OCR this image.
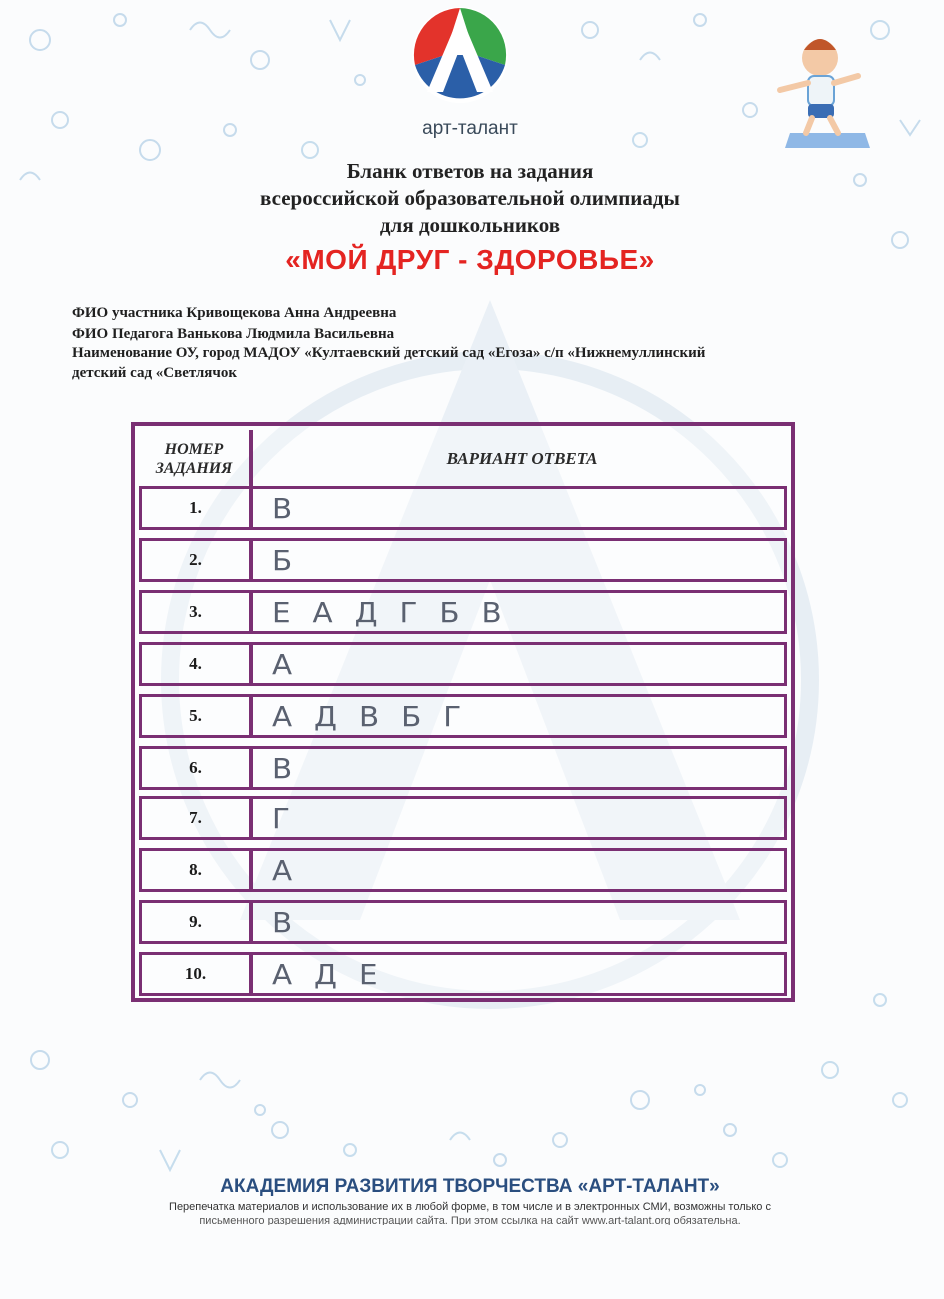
арт-талант
Бланк ответов на задания
всероссийской образовательной олимпиады
для дошкольников
«МОЙ ДРУГ - ЗДОРОВЬЕ»
ФИО участника Кривощекова Анна Андреевна
ФИО Педагога Ванькова Людмила Васильевна
Наименование ОУ, город МАДОУ «Култаевский детский сад «Егоза» с/п «Нижнемуллинский
детский сад «Светлячок
НОМЕР
ЗАДАНИЯ
ВАРИАНТ ОТВЕТА
1.	В
2.	Б
3.	Е А Д Г Б В
4.	А
5.	А Д В Б Г
6.	В
7.	Г
8.	А
9.	В
10.	А Д Е
АКАДЕМИЯ РАЗВИТИЯ ТВОРЧЕСТВА «АРТ-ТАЛАНТ»
Перепечатка материалов и использование их в любой форме, в том числе и в электронных СМИ, возможны только с
письменного разрешения администрации сайта. При этом ссылка на сайт www.art-talant.org обязательна.
